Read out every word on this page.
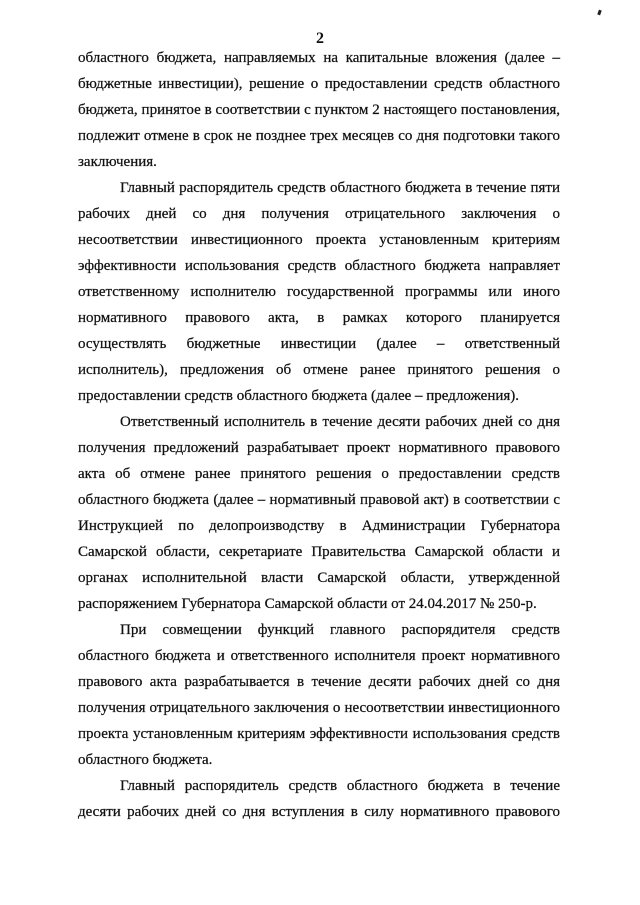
2
областного бюджета, направляемых на капитальные вложения (далее –
бюджетные инвестиции), решение о предоставлении средств областного
бюджета, принятое в соответствии с пунктом 2 настоящего постановления,
подлежит отмене в срок не позднее трех месяцев со дня подготовки такого
заключения.
Главный распорядитель средств областного бюджета в течение пяти
рабочих дней со дня получения отрицательного заключения о
несоответствии инвестиционного проекта установленным критериям
эффективности использования средств областного бюджета направляет
ответственному исполнителю государственной программы или иного
нормативного правового акта, в рамках которого планируется
осуществлять бюджетные инвестиции (далее – ответственный
исполнитель), предложения об отмене ранее принятого решения о
предоставлении средств областного бюджета (далее – предложения).
Ответственный исполнитель в течение десяти рабочих дней со дня
получения предложений разрабатывает проект нормативного правового
акта об отмене ранее принятого решения о предоставлении средств
областного бюджета (далее – нормативный правовой акт) в соответствии с
Инструкцией по делопроизводству в Администрации Губернатора
Самарской области, секретариате Правительства Самарской области и
органах исполнительной власти Самарской области, утвержденной
распоряжением Губернатора Самарской области от 24.04.2017 № 250-р.
При совмещении функций главного распорядителя средств
областного бюджета и ответственного исполнителя проект нормативного
правового акта разрабатывается в течение десяти рабочих дней со дня
получения отрицательного заключения о несоответствии инвестиционного
проекта установленным критериям эффективности использования средств
областного бюджета.
Главный распорядитель средств областного бюджета в течение
десяти рабочих дней со дня вступления в силу нормативного правового
